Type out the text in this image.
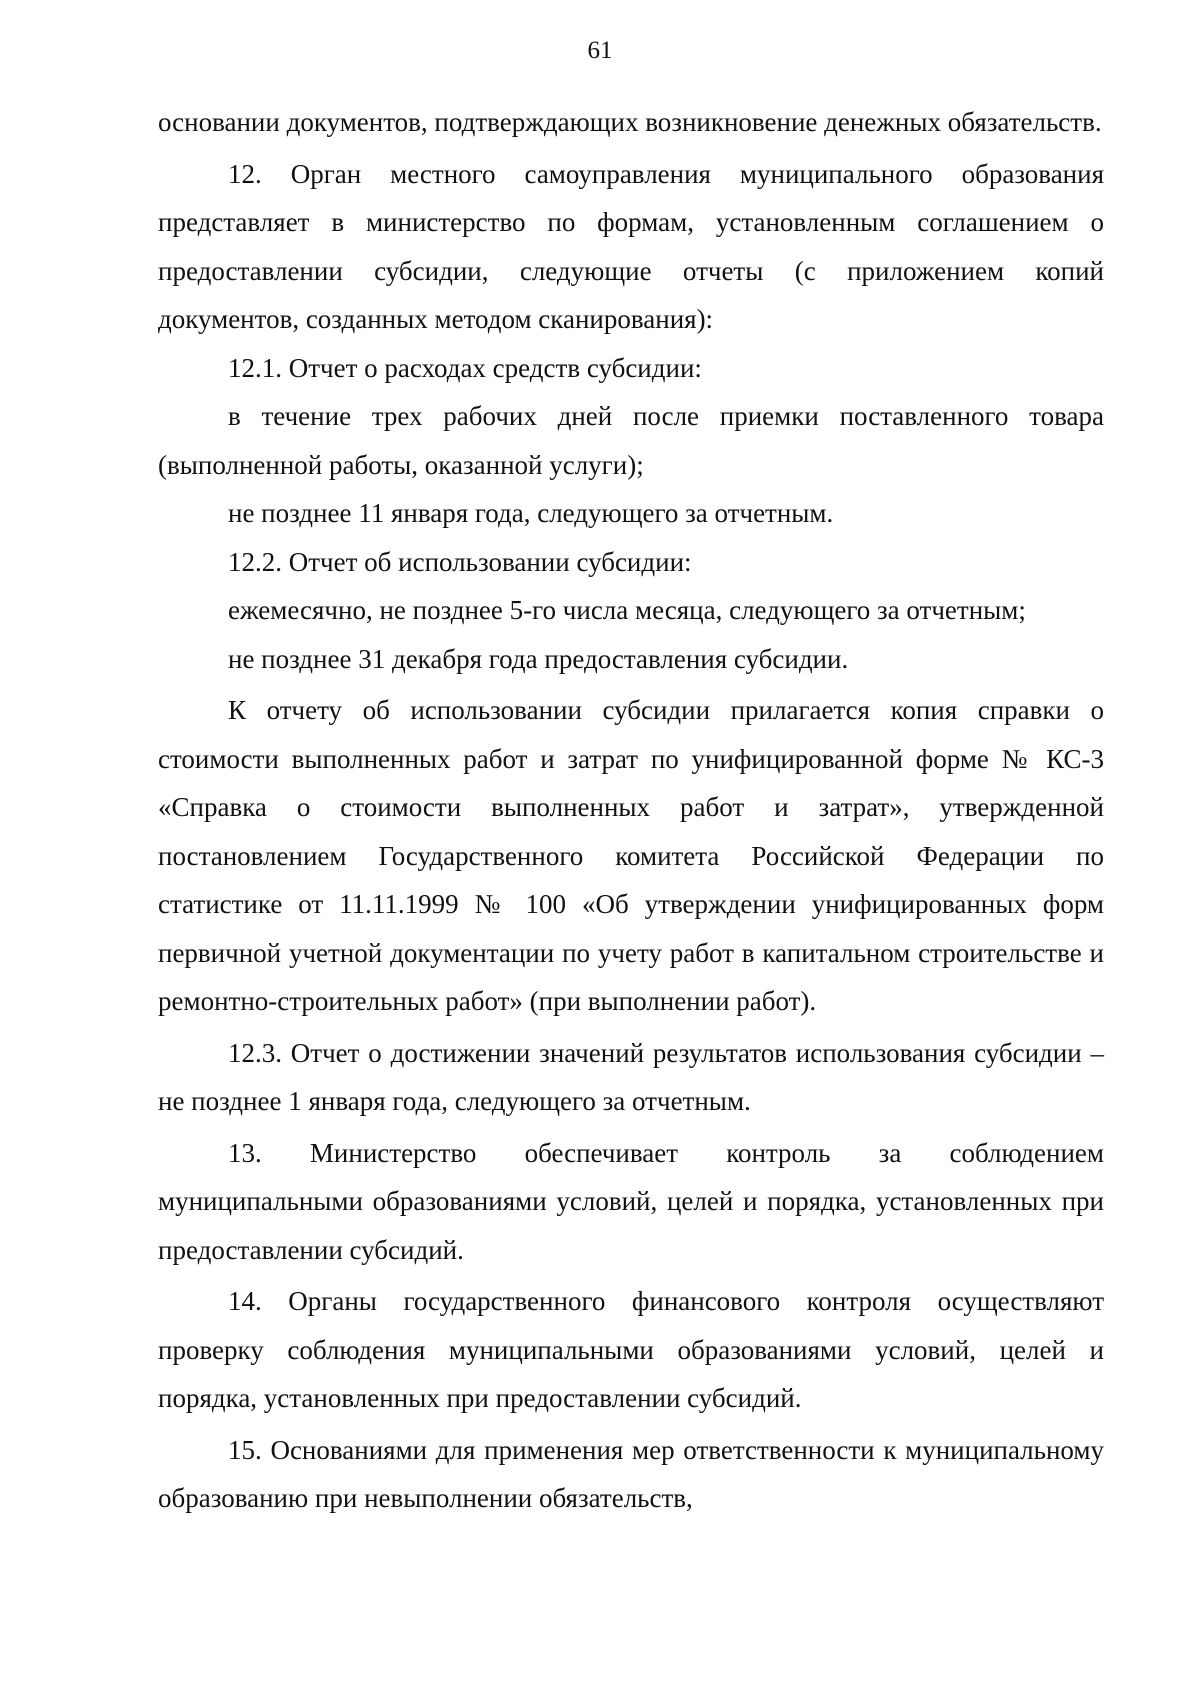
61

основании документов, подтверждающих возникновение денежных обязательств.

12. Орган местного самоуправления муниципального образования представляет в министерство по формам, установленным соглашением о предоставлении субсидии, следующие отчеты (с приложением копий документов, созданных методом сканирования):

12.1. Отчет о расходах средств субсидии:

в течение трех рабочих дней после приемки поставленного товара (выполненной работы, оказанной услуги);

не позднее 11 января года, следующего за отчетным.

12.2. Отчет об использовании субсидии:

ежемесячно, не позднее 5-го числа месяца, следующего за отчетным;

не позднее 31 декабря года предоставления субсидии.

К отчету об использовании субсидии прилагается копия справки о стоимости выполненных работ и затрат по унифицированной форме № КС-3 «Справка о стоимости выполненных работ и затрат», утвержденной постановлением Государственного комитета Российской Федерации по статистике от 11.11.1999 № 100 «Об утверждении унифицированных форм первичной учетной документации по учету работ в капитальном строительстве и ремонтно-строительных работ» (при выполнении работ).

12.3. Отчет о достижении значений результатов использования субсидии – не позднее 1 января года, следующего за отчетным.

13. Министерство обеспечивает контроль за соблюдением муниципальными образованиями условий, целей и порядка, установленных при предоставлении субсидий.

14. Органы государственного финансового контроля осуществляют проверку соблюдения муниципальными образованиями условий, целей и порядка, установленных при предоставлении субсидий.

15. Основаниями для применения мер ответственности к муниципальному образованию при невыполнении обязательств,
